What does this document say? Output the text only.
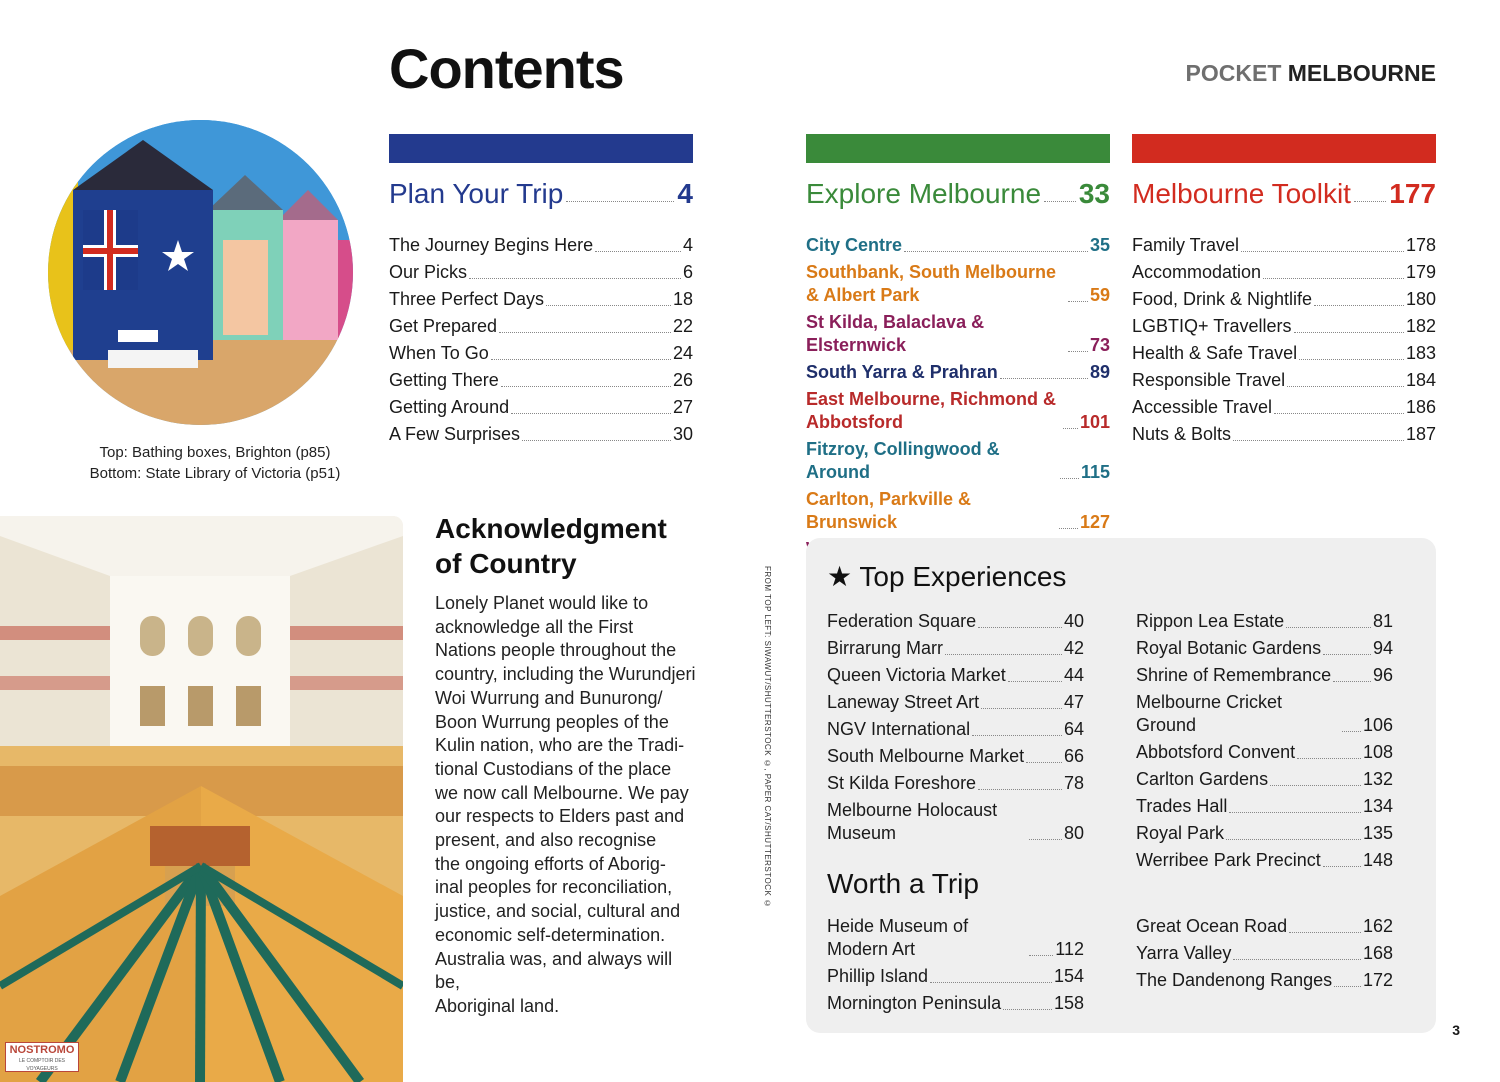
Contents	POCKET MELBOURNE
Top: Bathing boxes, Brighton (p85)
Bottom: State Library of Victoria (p51)
Acknowledgment of Country
Lonely Planet would like to
acknowledge all the First
Nations people throughout the
country, including the Wurundjeri
Woi Wurrung and Bunurong/
Boon Wurrung peoples of the
Kulin nation, who are the Tradi-
tional Custodians of the place
we now call Melbourne. We pay
our respects to Elders past and
present, and also recognise
the ongoing efforts of Aborig-
inal peoples for reconciliation,
justice, and social, cultural and
economic self-determination.
Australia was, and always will be,
Aboriginal land.
FROM TOP LEFT: SIWAWUT/SHUTTERSTOCK ©, PAPER CAT/SHUTTERSTOCK ©
Plan Your Trip	4
The Journey Begins Here	4
Our Picks	6
Three Perfect Days	18
Get Prepared	22
When To Go	24
Getting There	26
Getting Around	27
A Few Surprises	30
Explore Melbourne 33
City Centre	35
Southbank, South Melbourne & Albert Park	59
St Kilda, Balaclava & Elsternwick	73
South Yarra & Prahran	89
East Melbourne, Richmond & Abbotsford	101
Fitzroy, Collingwood & Around	115
Carlton, Parkville & Brunswick	127
Melbourne Toolkit 177
Family Travel	178
Accommodation	179
Food, Drink & Nightlife	180
LGBTIQ+ Travellers	182
Health & Safe Travel	183
Responsible Travel	184
Accessible Travel	186
Nuts & Bolts	187
★ Top Experiences
Federation Square	40
Birrarung Marr	42
Queen Victoria Market	44
Laneway Street Art	47
NGV International	64
South Melbourne Market 66
St Kilda Foreshore	78
Melbourne Holocaust Museum	80
Rippon Lea Estate	81
Royal Botanic Gardens	94
Shrine of Remembrance 96
Melbourne Cricket Ground	106
Abbotsford Convent	108
Carlton Gardens	132
Trades Hall	134
Royal Park	135
Werribee Park Precinct 148
Worth a Trip
Heide Museum of Modern Art	112
Phillip Island	154
Mornington Peninsula	158
Great Ocean Road	162
Yarra Valley	168
The Dandenong Ranges 172
3
NOSTROMO
LE COMPTOIR DES VOYAGEURS
